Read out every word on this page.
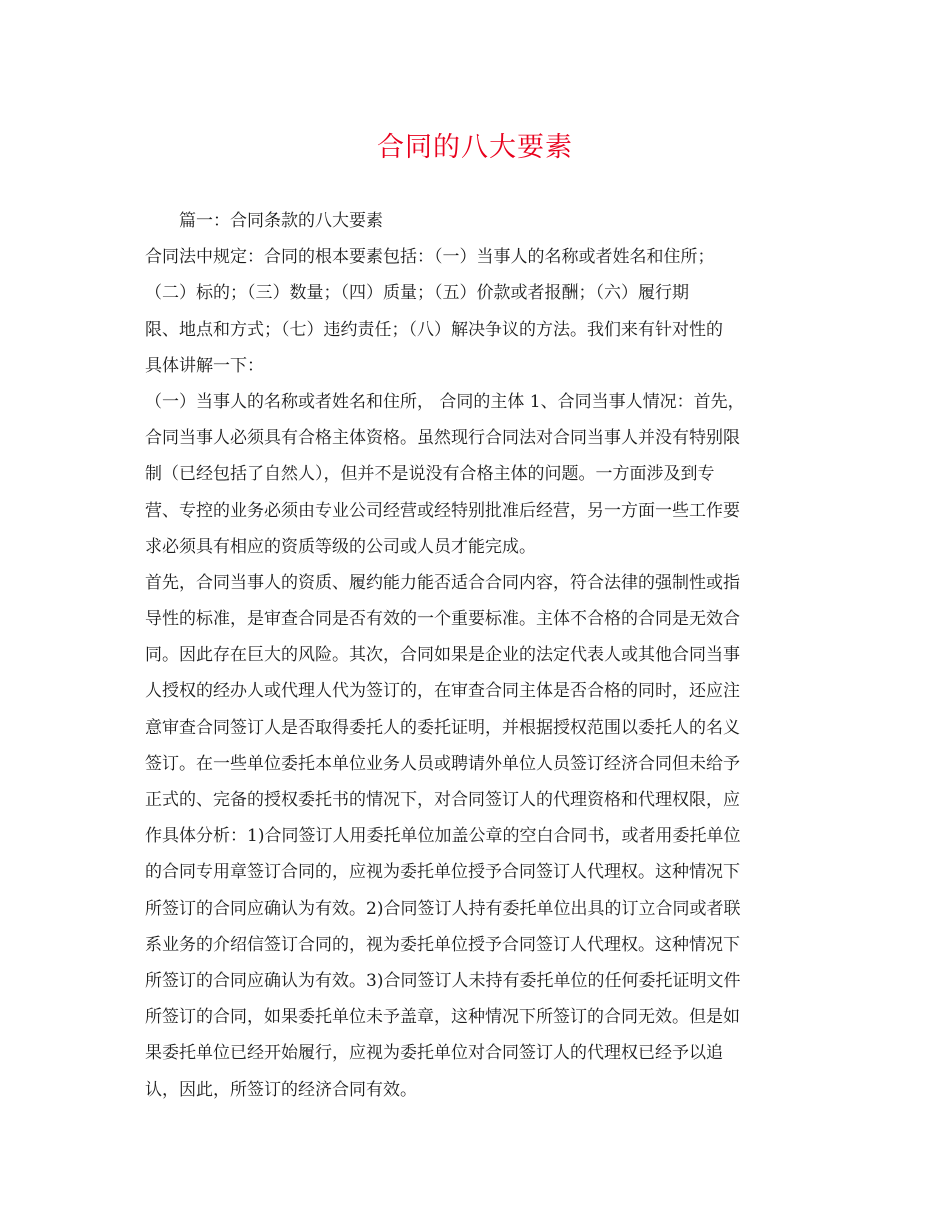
合同的八大要素
篇一：合同条款的八大要素
合同法中规定：合同的根本要素包括：（一）当事人的名称或者姓名和住所；
（二）标的；（三）数量；（四）质量；（五）价款或者报酬；（六）履行期
限、地点和方式；（七）违约责任；（八）解决争议的方法。我们来有针对性的
具体讲解一下：
（一）当事人的名称或者姓名和住所， 合同的主体 1、合同当事人情况：首先，
合同当事人必须具有合格主体资格。虽然现行合同法对合同当事人并没有特别限
制（已经包括了自然人），但并不是说没有合格主体的问题。一方面涉及到专
营、专控的业务必须由专业公司经营或经特别批准后经营，另一方面一些工作要
求必须具有相应的资质等级的公司或人员才能完成。
首先，合同当事人的资质、履约能力能否适合合同内容，符合法律的强制性或指
导性的标准，是审查合同是否有效的一个重要标准。主体不合格的合同是无效合
同。因此存在巨大的风险。其次，合同如果是企业的法定代表人或其他合同当事
人授权的经办人或代理人代为签订的，在审查合同主体是否合格的同时，还应注
意审查合同签订人是否取得委托人的委托证明，并根据授权范围以委托人的名义
签订。在一些单位委托本单位业务人员或聘请外单位人员签订经济合同但未给予
正式的、完备的授权委托书的情况下，对合同签订人的代理资格和代理权限，应
作具体分析：1)合同签订人用委托单位加盖公章的空白合同书，或者用委托单位
的合同专用章签订合同的，应视为委托单位授予合同签订人代理权。这种情况下
所签订的合同应确认为有效。2)合同签订人持有委托单位出具的订立合同或者联
系业务的介绍信签订合同的，视为委托单位授予合同签订人代理权。这种情况下
所签订的合同应确认为有效。3)合同签订人未持有委托单位的任何委托证明文件
所签订的合同，如果委托单位未予盖章，这种情况下所签订的合同无效。但是如
果委托单位已经开始履行，应视为委托单位对合同签订人的代理权已经予以追
认，因此，所签订的经济合同有效。
